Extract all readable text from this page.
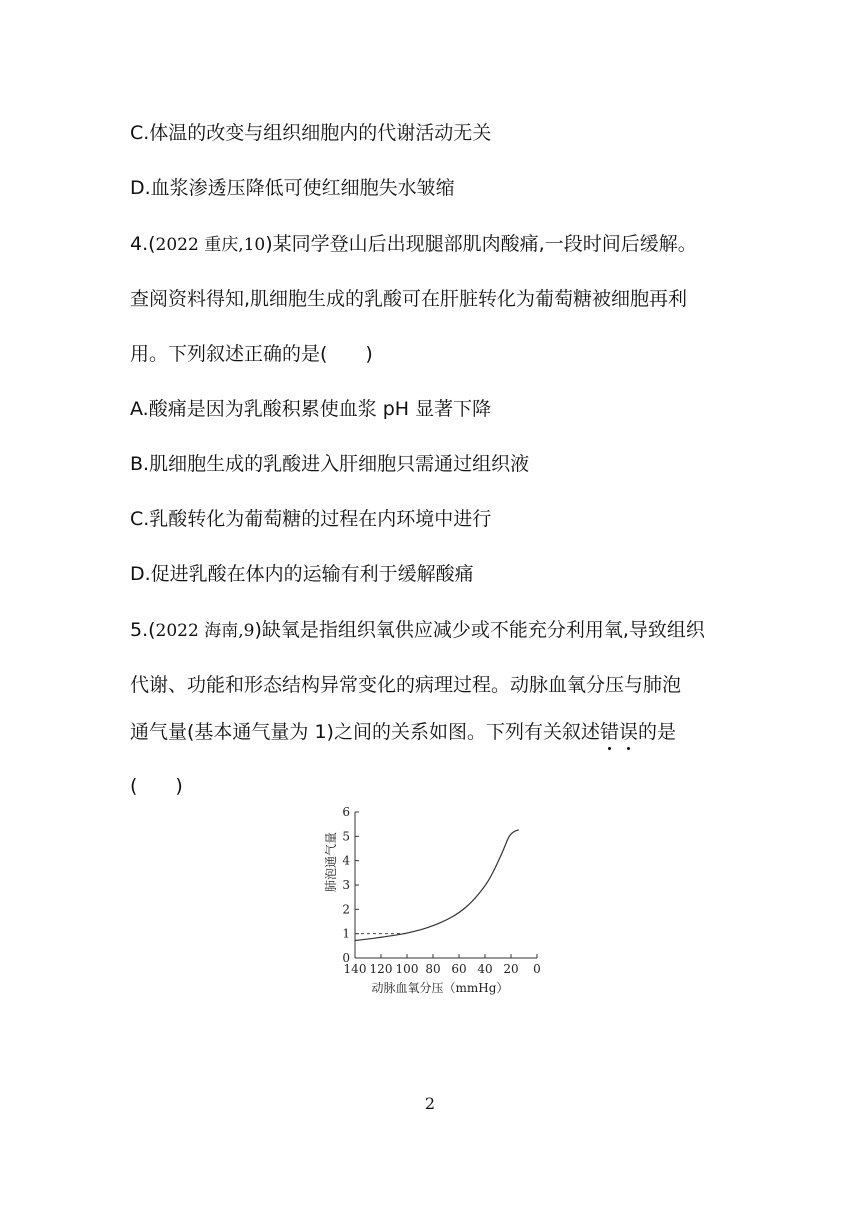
C.体温的改变与组织细胞内的代谢活动无关
D.血浆渗透压降低可使红细胞失水皱缩
4.(2022 重庆,10)某同学登山后出现腿部肌肉酸痛,一段时间后缓解。
查阅资料得知,肌细胞生成的乳酸可在肝脏转化为葡萄糖被细胞再利
用。下列叙述正确的是(　　)
A.酸痛是因为乳酸积累使血浆 pH 显著下降
B.肌细胞生成的乳酸进入肝细胞只需通过组织液
C.乳酸转化为葡萄糖的过程在内环境中进行
D.促进乳酸在体内的运输有利于缓解酸痛
5.(2022 海南,9)缺氧是指组织氧供应减少或不能充分利用氧,导致组织
代谢、功能和形态结构异常变化的病理过程。动脉血氧分压与肺泡
通气量(基本通气量为 1)之间的关系如图。下列有关叙述错误的是
(　　)
0
1
2
3
4
5
6
140 120 100 80 60 40 20 0
肺泡通气量
动脉血氧分压（mmHg）
2
